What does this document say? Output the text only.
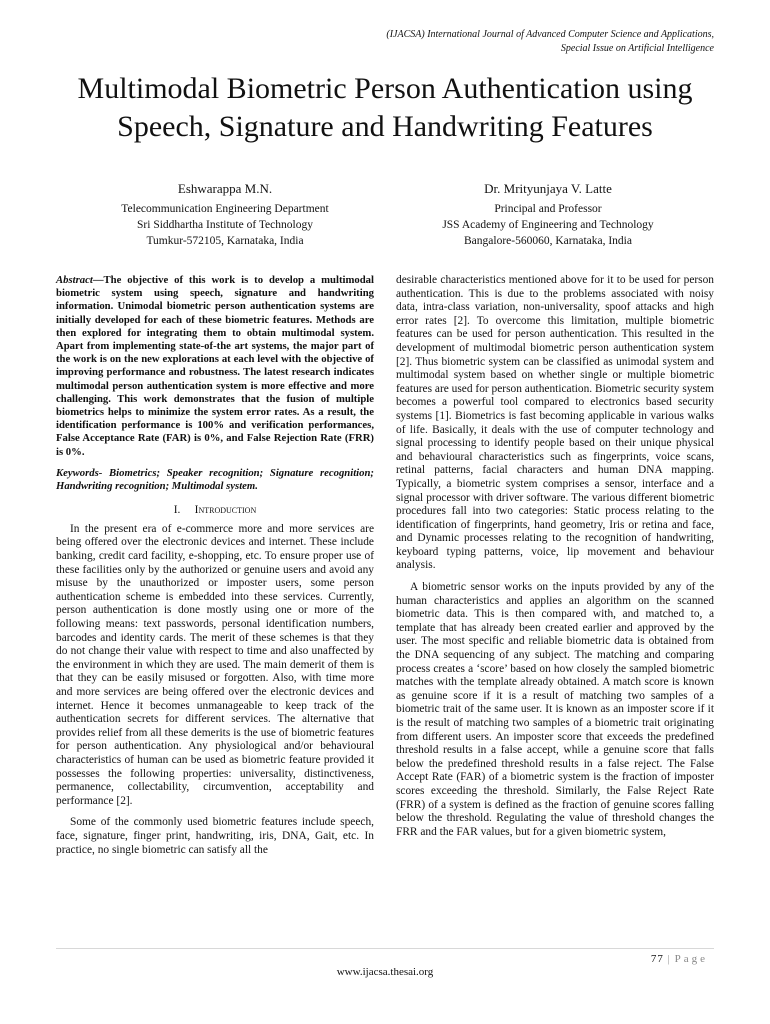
(IJACSA) International Journal of Advanced Computer Science and Applications,
Special Issue on Artificial Intelligence
Multimodal Biometric Person Authentication using
Speech, Signature and Handwriting Features
Eshwarappa M.N.
Telecommunication Engineering Department
Sri Siddhartha Institute of Technology
Tumkur-572105, Karnataka, India
Dr. Mrityunjaya V. Latte
Principal and Professor
JSS Academy of Engineering and Technology
Bangalore-560060, Karnataka, India

Abstract—The objective of this work is to develop a multimodal biometric system using speech, signature and handwriting information. Unimodal biometric person authentication systems are initially developed for each of these biometric features. Methods are then explored for integrating them to obtain multimodal system. Apart from implementing state-of-the art systems, the major part of the work is on the new explorations at each level with the objective of improving performance and robustness. The latest research indicates multimodal person authentication system is more effective and more challenging. This work demonstrates that the fusion of multiple biometrics helps to minimize the system error rates. As a result, the identification performance is 100% and verification performances, False Acceptance Rate (FAR) is 0%, and False Rejection Rate (FRR) is 0%.

Keywords- Biometrics; Speaker recognition; Signature recognition; Handwriting recognition; Multimodal system.

I. Introduction

In the present era of e-commerce more and more services are being offered over the electronic devices and internet. These include banking, credit card facility, e-shopping, etc. To ensure proper use of these facilities only by the authorized or genuine users and avoid any misuse by the unauthorized or imposter users, some person authentication scheme is embedded into these services. Currently, person authentication is done mostly using one or more of the following means: text passwords, personal identification numbers, barcodes and identity cards. The merit of these schemes is that they do not change their value with respect to time and also unaffected by the environment in which they are used. The main demerit of them is that they can be easily misused or forgotten. Also, with time more and more services are being offered over the electronic devices and internet. Hence it becomes unmanageable to keep track of the authentication secrets for different services. The alternative that provides relief from all these demerits is the use of biometric features for person authentication. Any physiological and/or behavioural characteristics of human can be used as biometric feature provided it possesses the following properties: universality, distinctiveness, permanence, collectability, circumvention, acceptability and performance [2].

Some of the commonly used biometric features include speech, face, signature, finger print, handwriting, iris, DNA, Gait, etc. In practice, no single biometric can satisfy all the

desirable characteristics mentioned above for it to be used for person authentication. This is due to the problems associated with noisy data, intra-class variation, non-universality, spoof attacks and high error rates [2]. To overcome this limitation, multiple biometric features can be used for person authentication. This resulted in the development of multimodal biometric person authentication system [2]. Thus biometric system can be classified as unimodal system and multimodal system based on whether single or multiple biometric features are used for person authentication. Biometric security system becomes a powerful tool compared to electronics based security systems [1]. Biometrics is fast becoming applicable in various walks of life. Basically, it deals with the use of computer technology and signal processing to identify people based on their unique physical and behavioural characteristics such as fingerprints, voice scans, retinal patterns, facial characters and human DNA mapping. Typically, a biometric system comprises a sensor, interface and a signal processor with driver software. The various different biometric procedures fall into two categories: Static process relating to the identification of fingerprints, hand geometry, Iris or retina and face, and Dynamic processes relating to the recognition of handwriting, keyboard typing patterns, voice, lip movement and behaviour analysis.

A biometric sensor works on the inputs provided by any of the human characteristics and applies an algorithm on the scanned biometric data. This is then compared with, and matched to, a template that has already been created earlier and approved by the user. The most specific and reliable biometric data is obtained from the DNA sequencing of any subject. The matching and comparing process creates a ‘score’ based on how closely the sampled biometric matches with the template already obtained. A match score is known as genuine score if it is a result of matching two samples of a biometric trait of the same user. It is known as an imposter score if it is the result of matching two samples of a biometric trait originating from different users. An imposter score that exceeds the predefined threshold results in a false accept, while a genuine score that falls below the predefined threshold results in a false reject. The False Accept Rate (FAR) of a biometric system is the fraction of imposter scores exceeding the threshold. Similarly, the False Reject Rate (FRR) of a system is defined as the fraction of genuine scores falling below the threshold. Regulating the value of threshold changes the FRR and the FAR values, but for a given biometric system,

77 | Page
www.ijacsa.thesai.org
